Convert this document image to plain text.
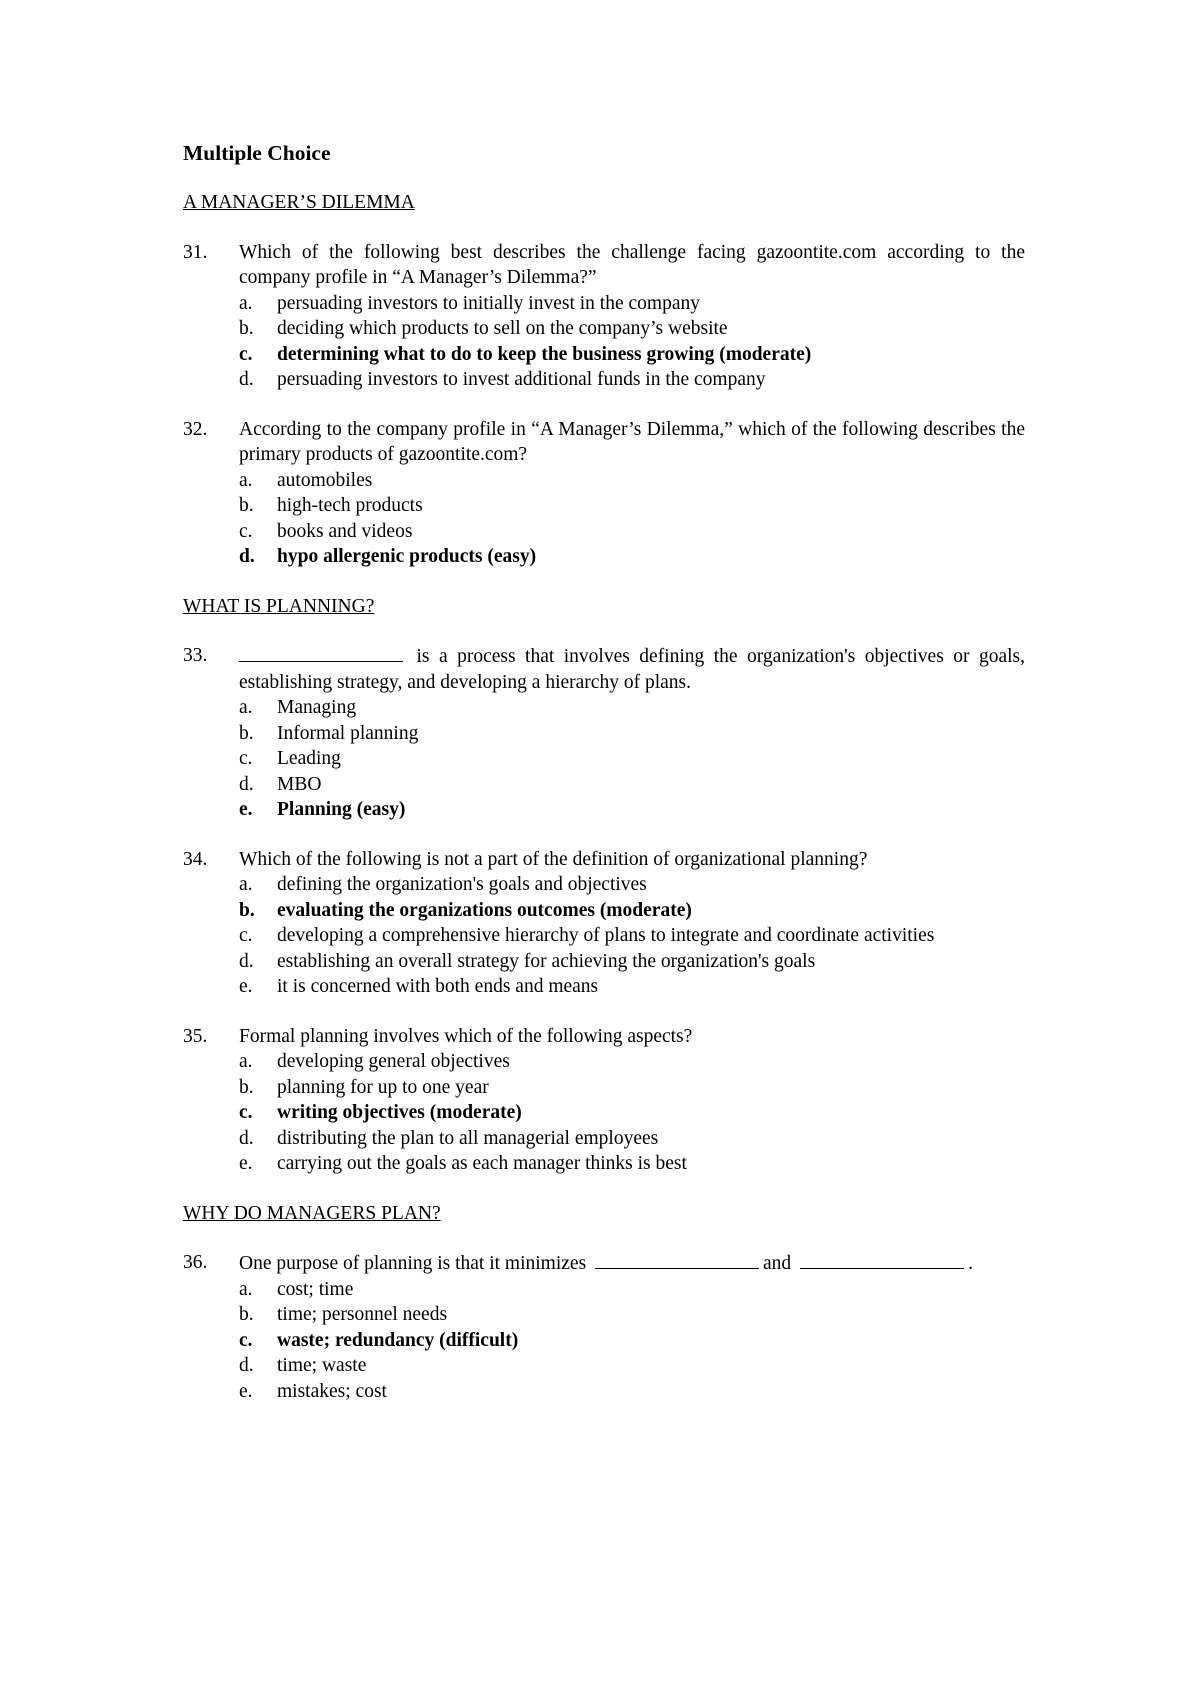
Multiple Choice
A MANAGER’S DILEMMA
31.	Which of the following best describes the challenge facing gazoontite.com according to the company profile in “A Manager’s Dilemma?”
a.	persuading investors to initially invest in the company
b.	deciding which products to sell on the company’s website
c.	determining what to do to keep the business growing (moderate)
d.	persuading investors to invest additional funds in the company
32.	According to the company profile in “A Manager’s Dilemma,” which of the following describes the primary products of gazoontite.com?
a.	automobiles
b.	high-tech products
c.	books and videos
d.	hypo allergenic products (easy)
WHAT IS PLANNING?
33.	is a process that involves defining the organization's objectives or goals, establishing strategy, and developing a hierarchy of plans.
a.	Managing
b.	Informal planning
c.	Leading
d.	MBO
e.	Planning (easy)
34.	Which of the following is not a part of the definition of organizational planning?
a.	defining the organization's goals and objectives
b.	evaluating the organizations outcomes (moderate)
c. developing a comprehensive hierarchy of plans to integrate and coordinate activities
d.	establishing an overall strategy for achieving the organization's goals
e.	it is concerned with both ends and means
35.	Formal planning involves which of the following aspects?
a.	developing general objectives
b.	planning for up to one year
c.	writing objectives (moderate)
d.	distributing the plan to all managerial employees
e.	carrying out the goals as each manager thinks is best
WHY DO MANAGERS PLAN?
36.	One purpose of planning is that it minimizes	and	.
a.	cost; time
b.	time; personnel needs
c.	waste; redundancy (difficult)
d.	time; waste
e.	mistakes; cost
